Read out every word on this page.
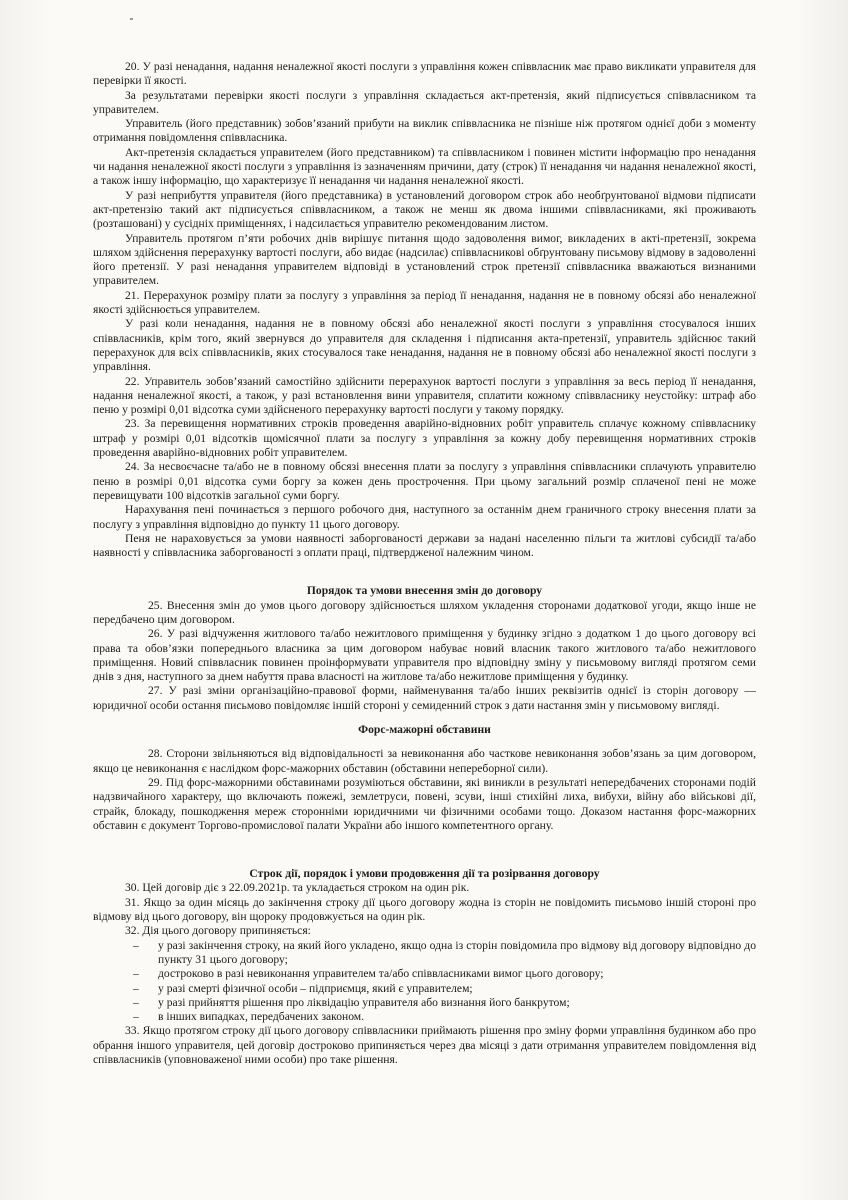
20. У разі ненадання, надання неналежної якості послуги з управління кожен співвласник має право викликати управителя для перевірки її якості.

За результатами перевірки якості послуги з управління складається акт-претензія, який підписується співвласником та управителем.

Управитель (його представник) зобов’язаний прибути на виклик співвласника не пізніше ніж протягом однієї доби з моменту отримання повідомлення співвласника.

Акт-претензія складається управителем (його представником) та співвласником і повинен містити інформацію про ненадання чи надання неналежної якості послуги з управління із зазначенням причини, дату (строк) її ненадання чи надання неналежної якості, а також іншу інформацію, що характеризує її ненадання чи надання неналежної якості.

У разі неприбуття управителя (його представника) в установлений договором строк або необґрунтованої відмови підписати акт-претензію такий акт підписується співвласником, а також не менш як двома іншими співвласниками, які проживають (розташовані) у сусідніх приміщеннях, і надсилається управителю рекомендованим листом.

Управитель протягом п’яти робочих днів вирішує питання щодо задоволення вимог, викладених в акті-претензії, зокрема шляхом здійснення перерахунку вартості послуги, або видає (надсилає) співвласникові обґрунтовану письмову відмову в задоволенні його претензії. У разі ненадання управителем відповіді в установлений строк претензії співвласника вважаються визнаними управителем.

21. Перерахунок розміру плати за послугу з управління за період її ненадання, надання не в повному обсязі або неналежної якості здійснюється управителем.

У разі коли ненадання, надання не в повному обсязі або неналежної якості послуги з управління стосувалося інших співвласників, крім того, який звернувся до управителя для складення і підписання акта-претензії, управитель здійснює такий перерахунок для всіх співвласників, яких стосувалося таке ненадання, надання не в повному обсязі або неналежної якості послуги з управління.

22. Управитель зобов’язаний самостійно здійснити перерахунок вартості послуги з управління за весь період її ненадання, надання неналежної якості, а також, у разі встановлення вини управителя, сплатити кожному співвласнику неустойку: штраф або пеню у розмірі 0,01 відсотка суми здійсненого перерахунку вартості послуги у такому порядку.

23. За перевищення нормативних строків проведення аварійно-відновних робіт управитель сплачує кожному співвласнику штраф у розмірі 0,01 відсотків щомісячної плати за послугу з управління за кожну добу перевищення нормативних строків проведення аварійно-відновних робіт управителем.

24. За несвоєчасне та/або не в повному обсязі внесення плати за послугу з управління співвласники сплачують управителю пеню в розмірі 0,01 відсотка суми боргу за кожен день прострочення. При цьому загальний розмір сплаченої пені не може перевищувати 100 відсотків загальної суми боргу.

Нарахування пені починається з першого робочого дня, наступного за останнім днем граничного строку внесення плати за послугу з управління відповідно до пункту 11 цього договору.

Пеня не нараховується за умови наявності заборгованості держави за надані населенню пільги та житлові субсидії та/або наявності у співвласника заборгованості з оплати праці, підтвердженої належним чином.

Порядок та умови внесення змін до договору

25. Внесення змін до умов цього договору здійснюється шляхом укладення сторонами додаткової угоди, якщо інше не передбачено цим договором.

26. У разі відчуження житлового та/або нежитлового приміщення у будинку згідно з додатком 1 до цього договору всі права та обов’язки попереднього власника за цим договором набуває новий власник такого житлового та/або нежитлового приміщення. Новий співвласник повинен проінформувати управителя про відповідну зміну у письмовому вигляді протягом семи днів з дня, наступного за днем набуття права власності на житлове та/або нежитлове приміщення у будинку.

27. У разі зміни організаційно-правової форми, найменування та/або інших реквізитів однієї із сторін договору — юридичної особи остання письмово повідомляє іншій стороні у семиденний строк з дати настання змін у письмовому вигляді.

Форс-мажорні обставини

28. Сторони звільняються від відповідальності за невиконання або часткове невиконання зобов’язань за цим договором, якщо це невиконання є наслідком форс-мажорних обставин (обставини непереборної сили).

29. Під форс-мажорними обставинами розуміються обставини, які виникли в результаті непередбачених сторонами подій надзвичайного характеру, що включають пожежі, землетруси, повені, зсуви, інші стихійні лиха, вибухи, війну або військові дії, страйк, блокаду, пошкодження мереж сторонніми юридичними чи фізичними особами тощо. Доказом настання форс-мажорних обставин є документ Торгово-промислової палати України або іншого компетентного органу.

Строк дії, порядок і умови продовження дії та розірвання договору

30. Цей договір діє з 22.09.2021р. та укладається строком на один рік.

31. Якщо за один місяць до закінчення строку дії цього договору жодна із сторін не повідомить письмово іншій стороні про відмову від цього договору, він щороку продовжується на один рік.

32. Дія цього договору припиняється:

– у разі закінчення строку, на який його укладено, якщо одна із сторін повідомила про відмову від договору відповідно до пункту 31 цього договору;
– достроково в разі невиконання управителем та/або співвласниками вимог цього договору;
– у разі смерті фізичної особи – підприємця, який є управителем;
– у разі прийняття рішення про ліквідацію управителя або визнання його банкрутом;
– в інших випадках, передбачених законом.

33. Якщо протягом строку дії цього договору співвласники приймають рішення про зміну форми управління будинком або про обрання іншого управителя, цей договір достроково припиняється через два місяці з дати отримання управителем повідомлення від співвласників (уповноваженої ними особи) про таке рішення.
